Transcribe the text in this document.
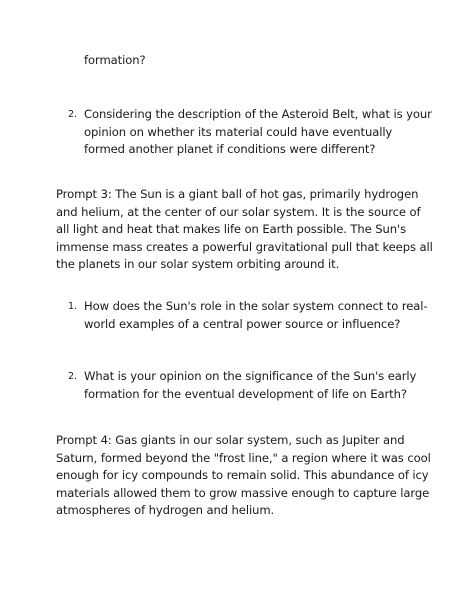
formation?
2. Considering the description of the Asteroid Belt, what is your
opinion on whether its material could have eventually
formed another planet if conditions were different?
Prompt 3: The Sun is a giant ball of hot gas, primarily hydrogen
and helium, at the center of our solar system. It is the source of
all light and heat that makes life on Earth possible. The Sun's
immense mass creates a powerful gravitational pull that keeps all
the planets in our solar system orbiting around it.
1. How does the Sun's role in the solar system connect to real-
world examples of a central power source or influence?
2. What is your opinion on the significance of the Sun's early
formation for the eventual development of life on Earth?
Prompt 4: Gas giants in our solar system, such as Jupiter and
Saturn, formed beyond the "frost line," a region where it was cool
enough for icy compounds to remain solid. This abundance of icy
materials allowed them to grow massive enough to capture large
atmospheres of hydrogen and helium.
